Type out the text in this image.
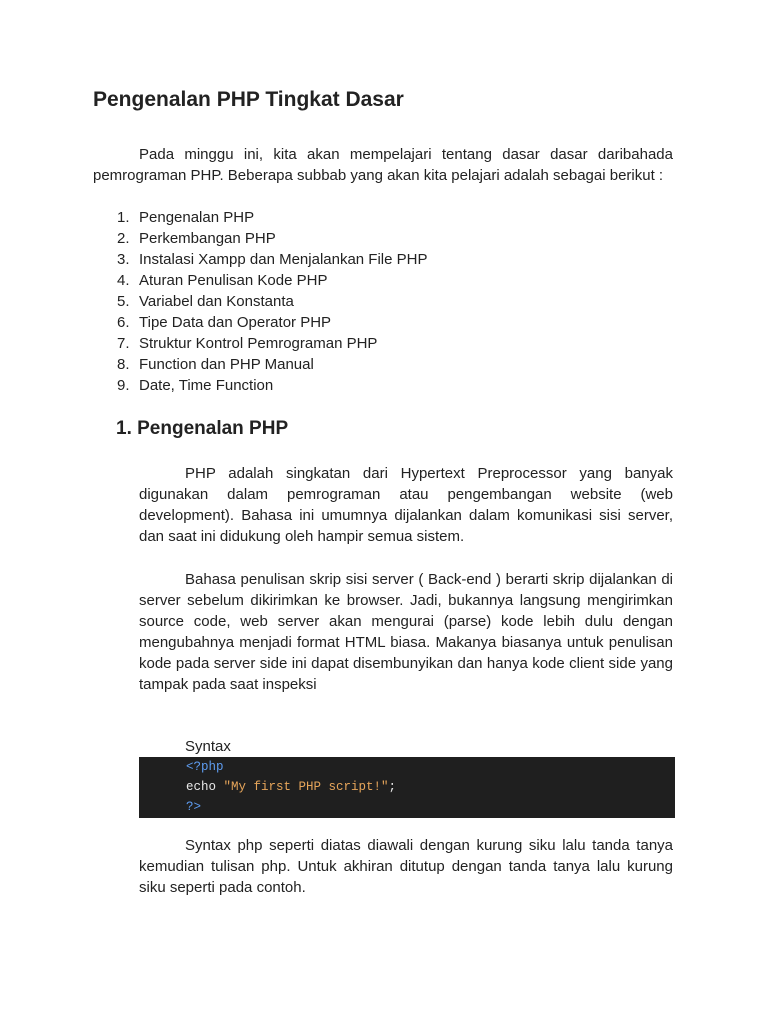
Pengenalan PHP Tingkat Dasar

Pada minggu ini, kita akan mempelajari tentang dasar dasar daribahada pemrograman PHP. Beberapa subbab yang akan kita pelajari adalah sebagai berikut :

1. Pengenalan PHP
2. Perkembangan PHP
3. Instalasi Xampp dan Menjalankan File PHP
4. Aturan Penulisan Kode PHP
5. Variabel dan Konstanta
6. Tipe Data dan Operator PHP
7. Struktur Kontrol Pemrograman PHP
8. Function dan PHP Manual
9. Date, Time Function
1. Pengenalan PHP

PHP adalah singkatan dari Hypertext Preprocessor yang banyak digunakan dalam pemrograman atau pengembangan website (web development). Bahasa ini umumnya dijalankan dalam komunikasi sisi server, dan saat ini didukung oleh hampir semua sistem.

Bahasa penulisan skrip sisi server ( Back-end ) berarti skrip dijalankan di server sebelum dikirimkan ke browser. Jadi, bukannya langsung mengirimkan source code, web server akan mengurai (parse) kode lebih dulu dengan mengubahnya menjadi format HTML biasa. Makanya biasanya untuk penulisan kode pada server side ini dapat disembunyikan dan hanya kode client side yang tampak pada saat inspeksi

Syntax

<?php
echo "My first PHP script!";
?>

Syntax php seperti diatas diawali dengan kurung siku lalu tanda tanya kemudian tulisan php. Untuk akhiran ditutup dengan tanda tanya lalu kurung siku seperti pada contoh.
